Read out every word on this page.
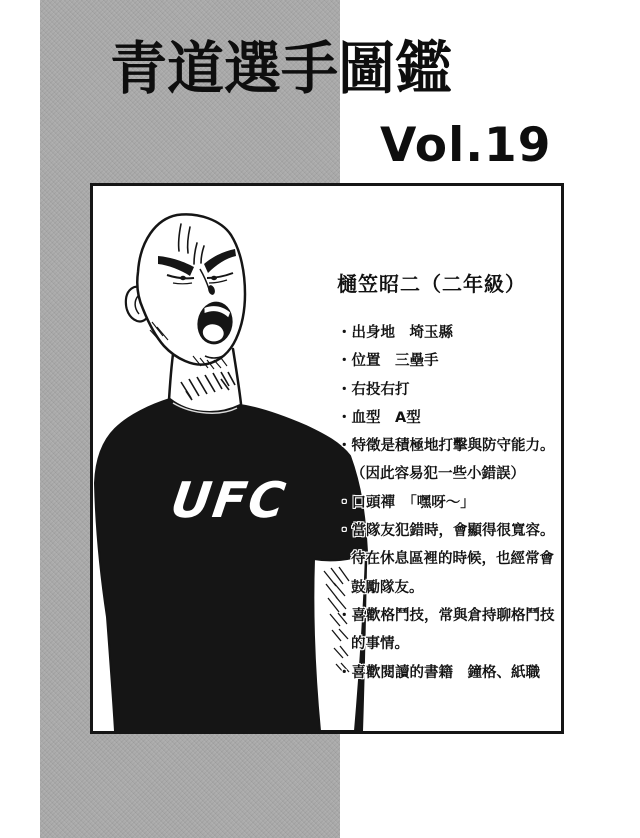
青道選手圖鑑
Vol.19
UFC
樋笠昭二（二年級）
・出身地　埼玉縣
・位置　三壘手
・右投右打
・血型　A型
・特徵是積極地打擊與防守能力。
（因此容易犯一些小錯誤）
・口頭禪　「嘿呀～」
・當隊友犯錯時，會顯得很寬容。
待在休息區裡的時候，也經常會
鼓勵隊友。
・喜歡格鬥技，常與倉持聊格鬥技
的事情。
・喜歡閱讀的書籍　鐘格、紙職
